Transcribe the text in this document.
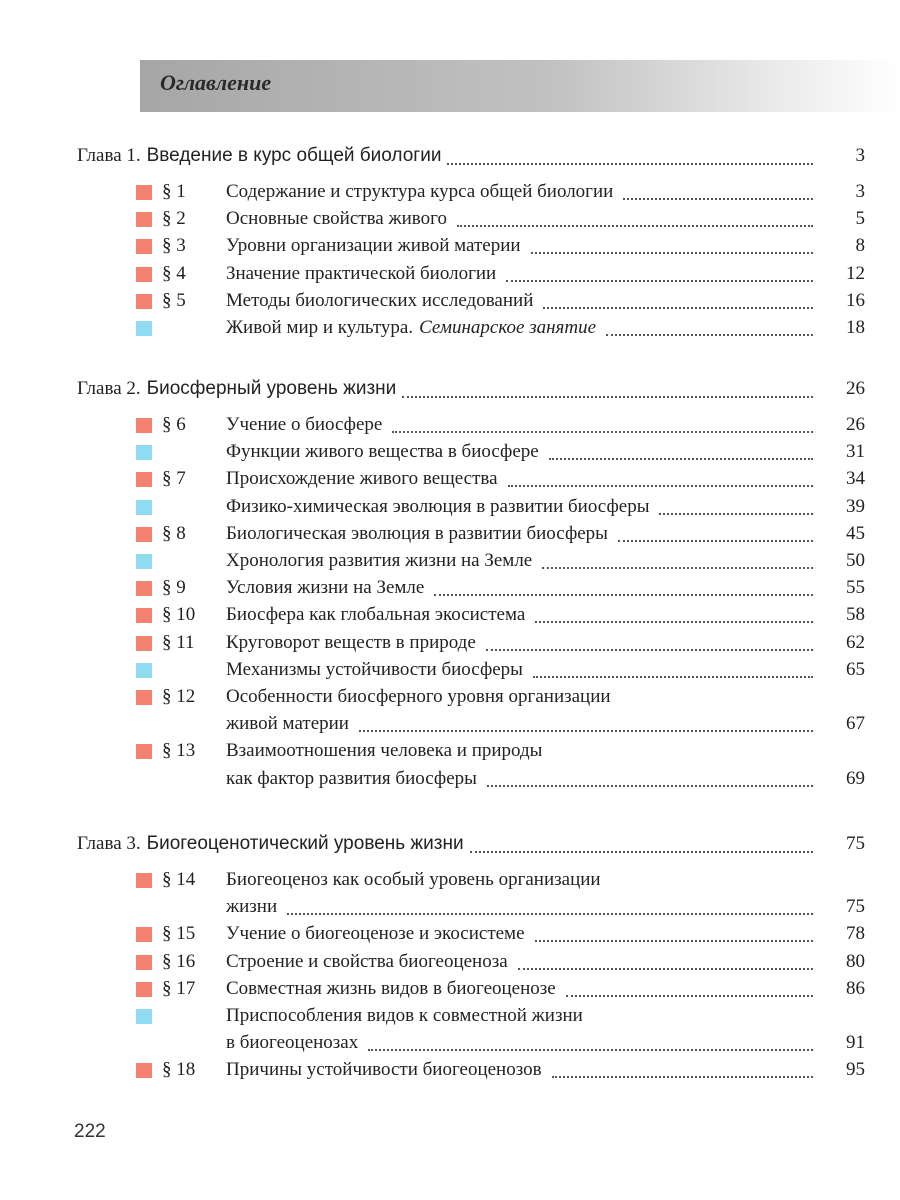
Оглавление
Глава 1. Введение в курс общей биологии	3
§ 1 Содержание и структура курса общей биологии	3
§ 2 Основные свойства живого	5
§ 3 Уровни организации живой материи	8
§ 4 Значение практической биологии	12
§ 5 Методы биологических исследований	16
Живой мир и культура. Семинарское занятие	18
Глава 2. Биосферный уровень жизни	26
§ 6 Учение о биосфере	26
Функции живого вещества в биосфере	31
§ 7 Происхождение живого вещества	34
Физико-химическая эволюция в развитии биосферы	39
§ 8 Биологическая эволюция в развитии биосферы	45
Хронология развития жизни на Земле	50
§ 9 Условия жизни на Земле	55
§ 10 Биосфера как глобальная экосистема	58
§ 11 Круговорот веществ в природе	62
Механизмы устойчивости биосферы	65
§ 12 Особенности биосферного уровня организации
живой материи	67
§ 13 Взаимоотношения человека и природы
как фактор развития биосферы	69
Глава 3. Биогеоценотический уровень жизни	75
§ 14 Биогеоценоз как особый уровень организации
жизни	75
§ 15 Учение о биогеоценозе и экосистеме	78
§ 16 Строение и свойства биогеоценоза	80
§ 17 Совместная жизнь видов в биогеоценозе	86
Приспособления видов к совместной жизни
в биогеоценозах	91
§ 18 Причины устойчивости биогеоценозов	95
222
